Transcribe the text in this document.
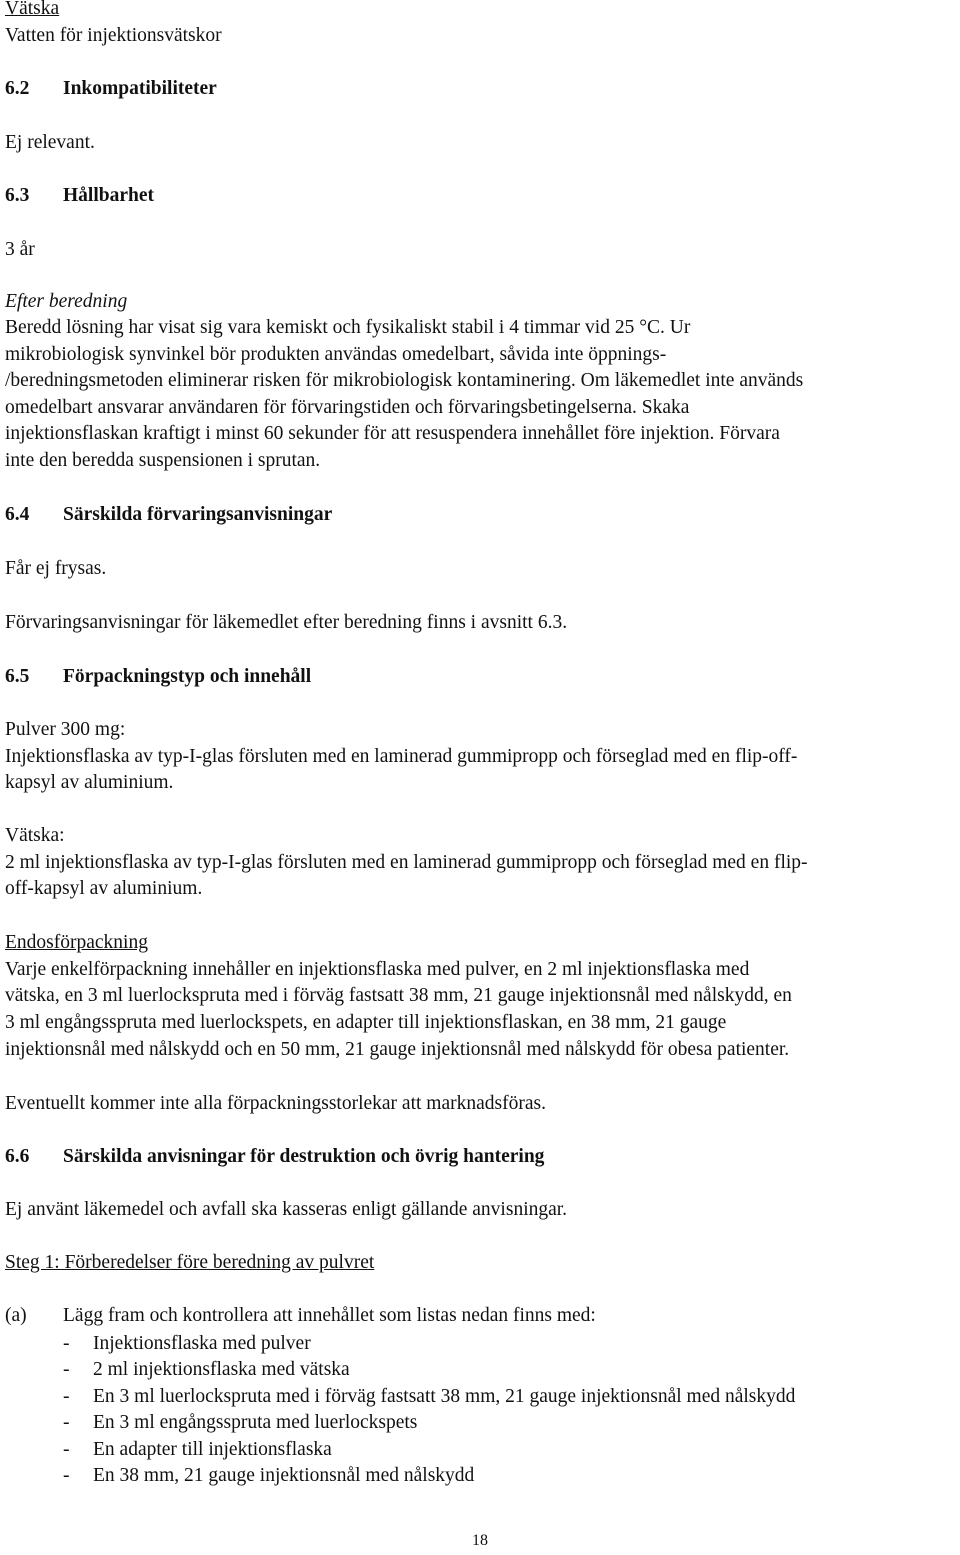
Vätska
Vatten för injektionsvätskor
6.2 Inkompatibiliteter
Ej relevant.
6.3 Hållbarhet
3 år
Efter beredning
Beredd lösning har visat sig vara kemiskt och fysikaliskt stabil i 4 timmar vid 25 °C. Ur
mikrobiologisk synvinkel bör produkten användas omedelbart, såvida inte öppnings-
/beredningsmetoden eliminerar risken för mikrobiologisk kontaminering. Om läkemedlet inte används
omedelbart ansvarar användaren för förvaringstiden och förvaringsbetingelserna. Skaka
injektionsflaskan kraftigt i minst 60 sekunder för att resuspendera innehållet före injektion. Förvara
inte den beredda suspensionen i sprutan.
6.4 Särskilda förvaringsanvisningar
Får ej frysas.
Förvaringsanvisningar för läkemedlet efter beredning finns i avsnitt 6.3.
6.5 Förpackningstyp och innehåll
Pulver 300 mg:
Injektionsflaska av typ-I-glas försluten med en laminerad gummipropp och förseglad med en flip-off-
kapsyl av aluminium.
Vätska:
2 ml injektionsflaska av typ-I-glas försluten med en laminerad gummipropp och förseglad med en flip-
off-kapsyl av aluminium.
Endosförpackning
Varje enkelförpackning innehåller en injektionsflaska med pulver, en 2 ml injektionsflaska med
vätska, en 3 ml luerlockspruta med i förväg fastsatt 38 mm, 21 gauge injektionsnål med nålskydd, en
3 ml engångsspruta med luerlockspets, en adapter till injektionsflaskan, en 38 mm, 21 gauge
injektionsnål med nålskydd och en 50 mm, 21 gauge injektionsnål med nålskydd för obesa patienter.
Eventuellt kommer inte alla förpackningsstorlekar att marknadsföras.
6.6 Särskilda anvisningar för destruktion och övrig hantering
Ej använt läkemedel och avfall ska kasseras enligt gällande anvisningar.
Steg 1: Förberedelser före beredning av pulvret
(a) Lägg fram och kontrollera att innehållet som listas nedan finns med:
- Injektionsflaska med pulver
- 2 ml injektionsflaska med vätska
- En 3 ml luerlockspruta med i förväg fastsatt 38 mm, 21 gauge injektionsnål med nålskydd
- En 3 ml engångsspruta med luerlockspets
- En adapter till injektionsflaska
- En 38 mm, 21 gauge injektionsnål med nålskydd
18
